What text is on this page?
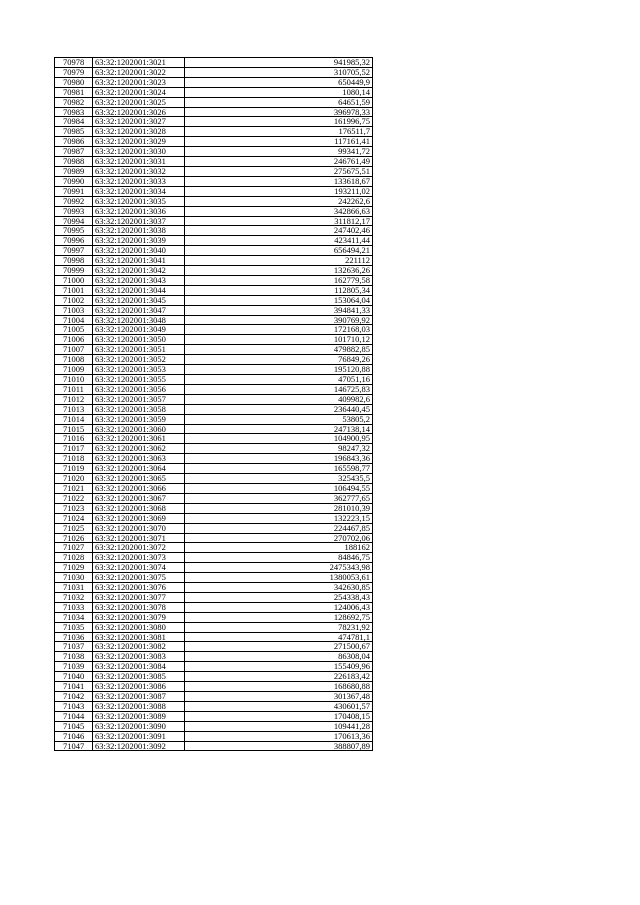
70978	63:32:1202001:3021	941985,32
70979	63:32:1202001:3022	310705,52
70980	63:32:1202001:3023	650449,9
70981	63:32:1202001:3024	1080,14
70982	63:32:1202001:3025	64651,59
70983	63:32:1202001:3026	396978,33
70984	63:32:1202001:3027	161996,75
70985	63:32:1202001:3028	176511,7
70986	63:32:1202001:3029	117161,41
70987	63:32:1202001:3030	99341,72
70988	63:32:1202001:3031	246761,49
70989	63:32:1202001:3032	275675,51
70990	63:32:1202001:3033	133618,67
70991	63:32:1202001:3034	193211,02
70992	63:32:1202001:3035	242262,6
70993	63:32:1202001:3036	342866,63
70994	63:32:1202001:3037	311812,17
70995	63:32:1202001:3038	247402,46
70996	63:32:1202001:3039	423411,44
70997	63:32:1202001:3040	656494,21
70998	63:32:1202001:3041	221112
70999	63:32:1202001:3042	132636,26
71000	63:32:1202001:3043	162779,58
71001	63:32:1202001:3044	112805,34
71002	63:32:1202001:3045	153064,04
71003	63:32:1202001:3047	394841,33
71004	63:32:1202001:3048	390769,92
71005	63:32:1202001:3049	172168,03
71006	63:32:1202001:3050	101710,12
71007	63:32:1202001:3051	479882,85
71008	63:32:1202001:3052	76849,26
71009	63:32:1202001:3053	195120,88
71010	63:32:1202001:3055	47051,16
71011	63:32:1202001:3056	146725,83
71012	63:32:1202001:3057	409982,6
71013	63:32:1202001:3058	236440,45
71014	63:32:1202001:3059	53805,2
71015	63:32:1202001:3060	247138,14
71016	63:32:1202001:3061	104900,95
71017	63:32:1202001:3062	98247,32
71018	63:32:1202001:3063	196843,36
71019	63:32:1202001:3064	165598,77
71020	63:32:1202001:3065	325435,5
71021	63:32:1202001:3066	106494,55
71022	63:32:1202001:3067	362777,65
71023	63:32:1202001:3068	281010,39
71024	63:32:1202001:3069	132223,15
71025	63:32:1202001:3070	224467,85
71026	63:32:1202001:3071	270702,06
71027	63:32:1202001:3072	188162
71028	63:32:1202001:3073	84846,75
71029	63:32:1202001:3074	2475343,98
71030	63:32:1202001:3075	1380053,61
71031	63:32:1202001:3076	342630,85
71032	63:32:1202001:3077	254338,43
71033	63:32:1202001:3078	124006,43
71034	63:32:1202001:3079	128692,75
71035	63:32:1202001:3080	78231,92
71036	63:32:1202001:3081	474781,1
71037	63:32:1202001:3082	271500,67
71038	63:32:1202001:3083	86308,04
71039	63:32:1202001:3084	155409,96
71040	63:32:1202001:3085	226183,42
71041	63:32:1202001:3086	168680,88
71042	63:32:1202001:3087	301367,48
71043	63:32:1202001:3088	430601,57
71044	63:32:1202001:3089	170408,15
71045	63:32:1202001:3090	109441,28
71046	63:32:1202001:3091	170613,36
71047	63:32:1202001:3092	388807,89
